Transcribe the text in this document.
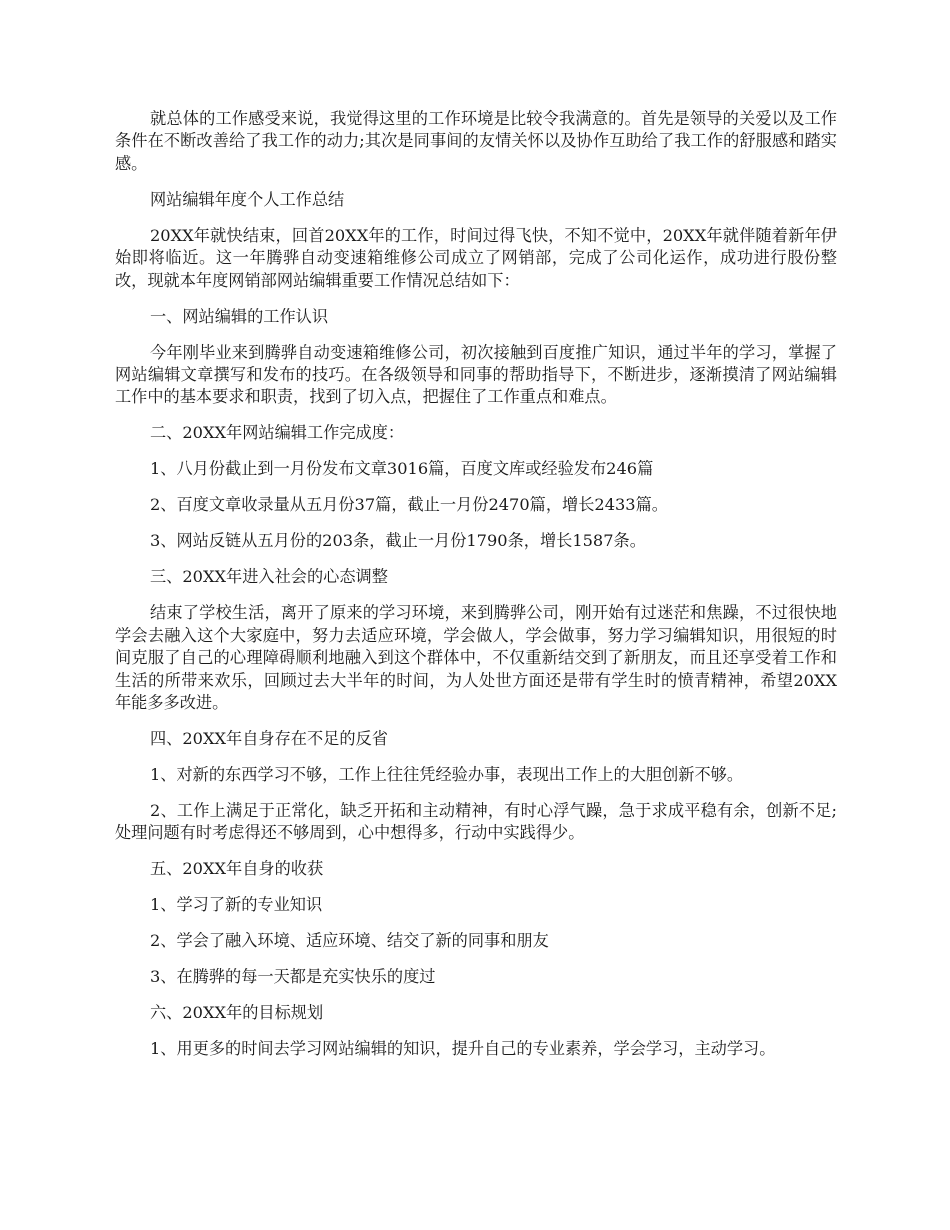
就总体的工作感受来说，我觉得这里的工作环境是比较令我满意的。首先是领导的关爱以及工作条件在不断改善给了我工作的动力;其次是同事间的友情关怀以及协作互助给了我工作的舒服感和踏实感。

网站编辑年度个人工作总结

20XX年就快结束，回首20XX年的工作，时间过得飞快，不知不觉中，20XX年就伴随着新年伊始即将临近。这一年腾骅自动变速箱维修公司成立了网销部，完成了公司化运作，成功进行股份整改，现就本年度网销部网站编辑重要工作情况总结如下：

一、网站编辑的工作认识

今年刚毕业来到腾骅自动变速箱维修公司，初次接触到百度推广知识，通过半年的学习，掌握了网站编辑文章撰写和发布的技巧。在各级领导和同事的帮助指导下，不断进步，逐渐摸清了网站编辑工作中的基本要求和职责，找到了切入点，把握住了工作重点和难点。

二、20XX年网站编辑工作完成度：

1、八月份截止到一月份发布文章3016篇，百度文库或经验发布246篇

2、百度文章收录量从五月份37篇，截止一月份2470篇，增长2433篇。

3、网站反链从五月份的203条，截止一月份1790条，增长1587条。

三、20XX年进入社会的心态调整

结束了学校生活，离开了原来的学习环境，来到腾骅公司，刚开始有过迷茫和焦躁，不过很快地学会去融入这个大家庭中，努力去适应环境，学会做人，学会做事，努力学习编辑知识，用很短的时间克服了自己的心理障碍顺利地融入到这个群体中，不仅重新结交到了新朋友，而且还享受着工作和生活的所带来欢乐，回顾过去大半年的时间，为人处世方面还是带有学生时的愤青精神，希望20XX年能多多改进。

四、20XX年自身存在不足的反省

1、对新的东西学习不够，工作上往往凭经验办事，表现出工作上的大胆创新不够。

2、工作上满足于正常化，缺乏开拓和主动精神，有时心浮气躁，急于求成平稳有余，创新不足;处理问题有时考虑得还不够周到，心中想得多，行动中实践得少。

五、20XX年自身的收获

1、学习了新的专业知识

2、学会了融入环境、适应环境、结交了新的同事和朋友

3、在腾骅的每一天都是充实快乐的度过

六、20XX年的目标规划

1、用更多的时间去学习网站编辑的知识，提升自己的专业素养，学会学习，主动学习。
